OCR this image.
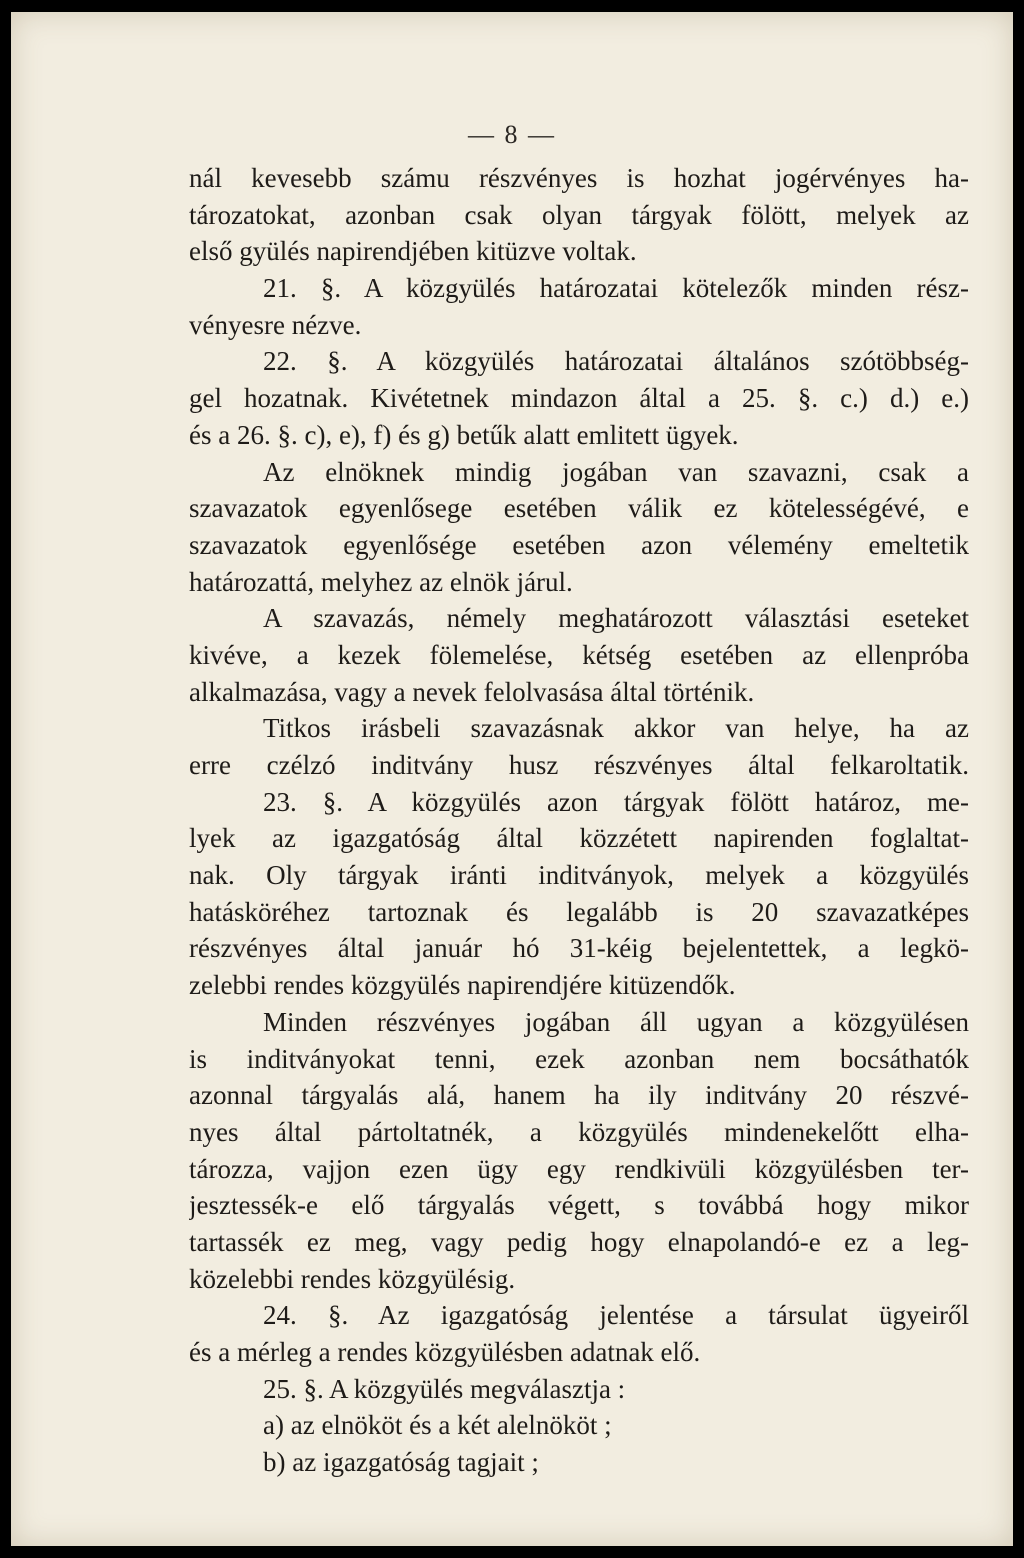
— 8 —
nál kevesebb számu részvényes is hozhat jogérvényes ha-
tározatokat, azonban csak olyan tárgyak fölött, melyek az
első gyülés napirendjében kitüzve voltak.
21. §. A közgyülés határozatai kötelezők minden rész-
vényesre nézve.
22. §. A közgyülés határozatai általános szótöbbség-
gel hozatnak. Kivétetnek mindazon által a 25. §. c.) d.) e.)
és a 26. §. c), e), f) és g) betűk alatt emlitett ügyek.
Az elnöknek mindig jogában van szavazni, csak a
szavazatok egyenlősege esetében válik ez kötelességévé, e
szavazatok egyenlősége esetében azon vélemény emeltetik
határozattá, melyhez az elnök járul.
A szavazás, némely meghatározott választási eseteket
kivéve, a kezek fölemelése, kétség esetében az ellenpróba
alkalmazása, vagy a nevek felolvasása által történik.
Titkos irásbeli szavazásnak akkor van helye, ha az
erre czélzó inditvány husz részvényes által felkaroltatik.
23. §. A közgyülés azon tárgyak fölött határoz, me-
lyek az igazgatóság által közzétett napirenden foglaltat-
nak. Oly tárgyak iránti inditványok, melyek a közgyülés
hatásköréhez tartoznak és legalább is 20 szavazatképes
részvényes által január hó 31-kéig bejelentettek, a legkö-
zelebbi rendes közgyülés napirendjére kitüzendők.
Minden részvényes jogában áll ugyan a közgyülésen
is inditványokat tenni, ezek azonban nem bocsáthatók
azonnal tárgyalás alá, hanem ha ily inditvány 20 részvé-
nyes által pártoltatnék, a közgyülés mindenekelőtt elha-
tározza, vajjon ezen ügy egy rendkivüli közgyülésben ter-
jesztessék-e elő tárgyalás végett, s továbbá hogy mikor
tartassék ez meg, vagy pedig hogy elnapolandó-e ez a leg-
közelebbi rendes közgyülésig.
24. §. Az igazgatóság jelentése a társulat ügyeiről
és a mérleg a rendes közgyülésben adatnak elő.
25. §. A közgyülés megválasztja :
a) az elnököt és a két alelnököt ;
b) az igazgatóság tagjait ;
